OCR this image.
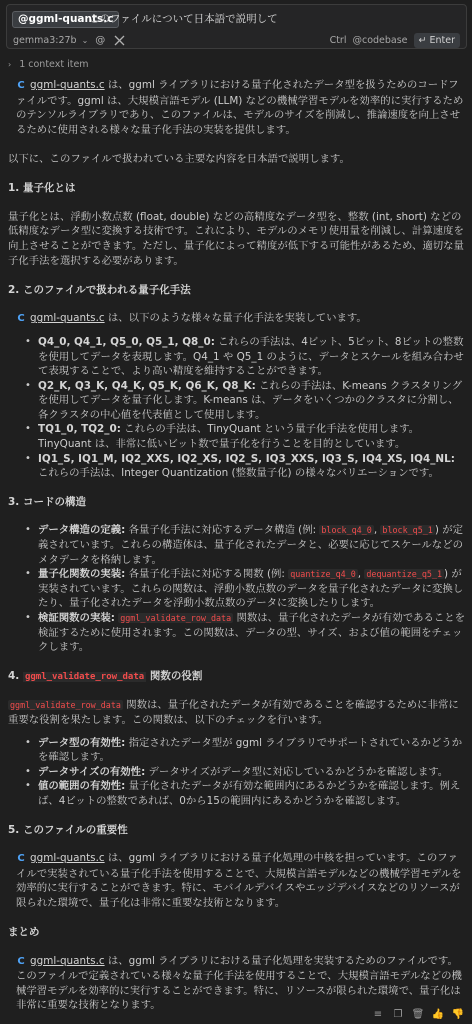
@ggml-quants.c
このファイルについて日本語で説明して
gemma3:27b ⌄ @	Ctrl @codebase ↵ Enter
› 1 context item
C ggml-quants.c は、ggml ライブラリにおける量子化されたデータ型を扱うためのコードファイルです。ggml は、大規模言語モデル (LLM) などの機械学習モデルを効率的に実行するためのテンソルライブラリであり、このファイルは、モデルのサイズを削減し、推論速度を向上させるために使用される様々な量子化手法の実装を提供します。
以下に、このファイルで扱われている主要な内容を日本語で説明します。
1. 量子化とは
量子化とは、浮動小数点数 (float, double) などの高精度なデータ型を、整数 (int, short) などの低精度なデータ型に変換する技術です。これにより、モデルのメモリ使用量を削減し、計算速度を向上させることができます。ただし、量子化によって精度が低下する可能性があるため、適切な量子化手法を選択する必要があります。
2. このファイルで扱われる量子化手法
C ggml-quants.c は、以下のような様々な量子化手法を実装しています。
• Q4_0, Q4_1, Q5_0, Q5_1, Q8_0: これらの手法は、4ビット、5ビット、8ビットの整数を使用してデータを表現します。Q4_1 や Q5_1 のように、データとスケールを組み合わせて表現することで、より高い精度を維持することができます。
• Q2_K, Q3_K, Q4_K, Q5_K, Q6_K, Q8_K: これらの手法は、K-means クラスタリングを使用してデータを量子化します。K-means は、データをいくつかのクラスタに分割し、各クラスタの中心値を代表値として使用します。
• TQ1_0, TQ2_0: これらの手法は、TinyQuant という量子化手法を使用します。TinyQuant は、非常に低いビット数で量子化を行うことを目的としています。
• IQ1_S, IQ1_M, IQ2_XXS, IQ2_XS, IQ2_S, IQ3_XXS, IQ3_S, IQ4_XS, IQ4_NL: これらの手法は、Integer Quantization (整数量子化) の様々なバリエーションです。
3. コードの構造
• データ構造の定義: 各量子化手法に対応するデータ構造 (例: block_q4_0 , block_q5_1 ) が定義されています。これらの構造体は、量子化されたデータと、必要に応じてスケールなどのメタデータを格納します。
• 量子化関数の実装: 各量子化手法に対応する関数 (例: quantize_q4_0 , dequantize_q5_1 ) が実装されています。これらの関数は、浮動小数点数のデータを量子化されたデータに変換したり、量子化されたデータを浮動小数点数のデータに変換したりします。
• 検証関数の実装: ggml_validate_row_data 関数は、量子化されたデータが有効であることを検証するために使用されます。この関数は、データの型、サイズ、および値の範囲をチェックします。
4. ggml_validate_row_data 関数の役割
ggml_validate_row_data 関数は、量子化されたデータが有効であることを確認するために非常に重要な役割を果たします。この関数は、以下のチェックを行います。
• データ型の有効性: 指定されたデータ型が ggml ライブラリでサポートされているかどうかを確認します。
• データサイズの有効性: データサイズがデータ型に対応しているかどうかを確認します。
• 値の範囲の有効性: 量子化されたデータが有効な範囲内にあるかどうかを確認します。例えば、4ビットの整数であれば、0から15の範囲内にあるかどうかを確認します。
5. このファイルの重要性
C ggml-quants.c は、ggml ライブラリにおける量子化処理の中核を担っています。このファイルで実装されている量子化手法を使用することで、大規模言語モデルなどの機械学習モデルを効率的に実行することができます。特に、モバイルデバイスやエッジデバイスなどのリソースが限られた環境で、量子化は非常に重要な技術となります。
まとめ
C ggml-quants.c は、ggml ライブラリにおける量子化処理を実装するためのファイルです。このファイルで定義されている様々な量子化手法を使用することで、大規模言語モデルなどの機械学習モデルを効率的に実行することができます。特に、リソースが限られた環境で、量子化は非常に重要な技術となります。
≡ ❐ 🗑 👍 👎
